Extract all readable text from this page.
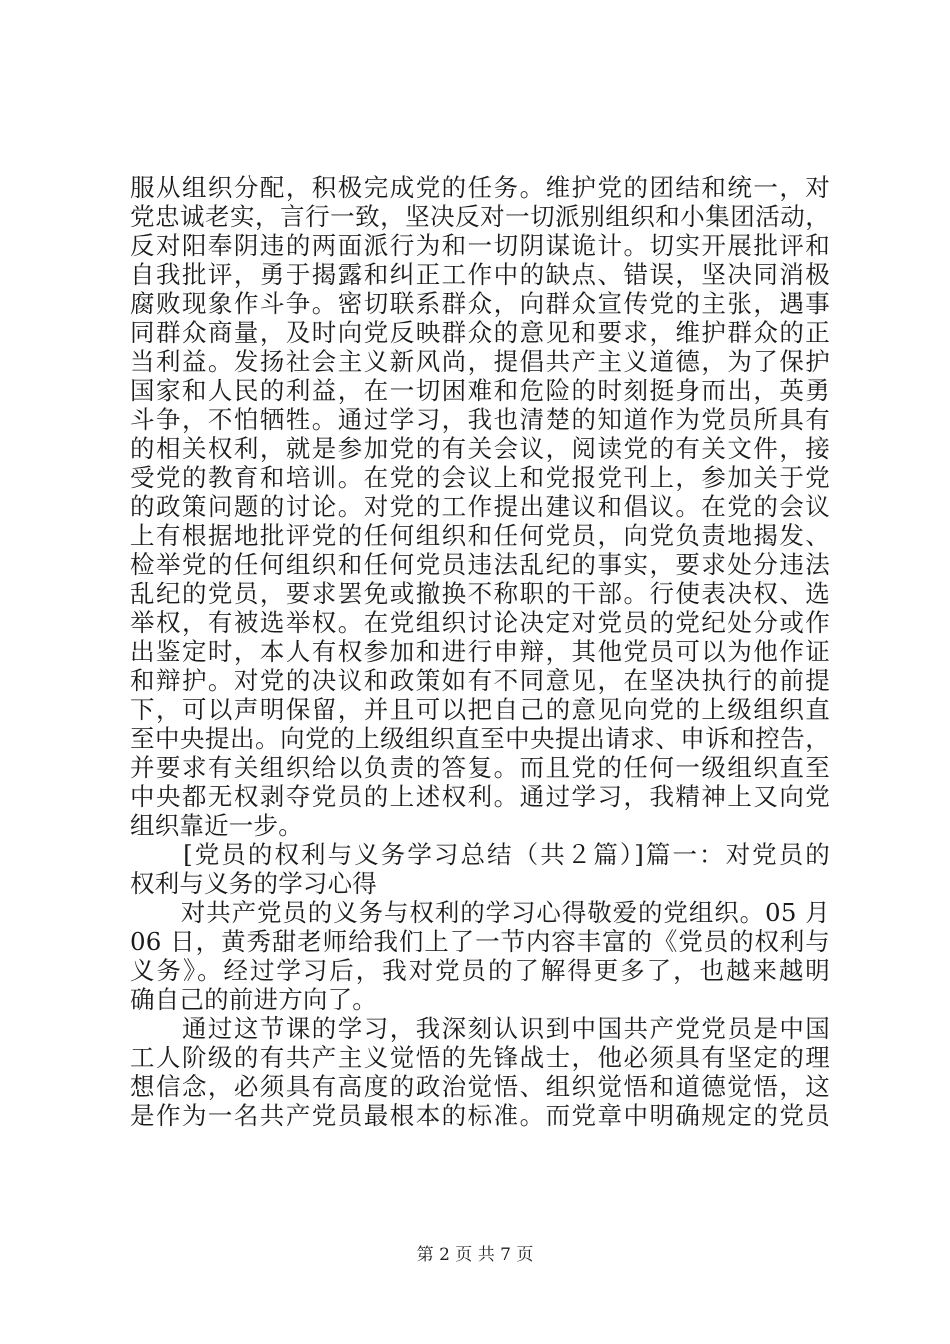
服从组织分配，积极完成党的任务。维护党的团结和统一，对
党忠诚老实，言行一致，坚决反对一切派别组织和小集团活动，
反对阳奉阴违的两面派行为和一切阴谋诡计。切实开展批评和
自我批评，勇于揭露和纠正工作中的缺点、错误，坚决同消极
腐败现象作斗争。密切联系群众，向群众宣传党的主张，遇事
同群众商量，及时向党反映群众的意见和要求，维护群众的正
当利益。发扬社会主义新风尚，提倡共产主义道德，为了保护
国家和人民的利益，在一切困难和危险的时刻挺身而出，英勇
斗争，不怕牺牲。通过学习，我也清楚的知道作为党员所具有
的相关权利，就是参加党的有关会议，阅读党的有关文件，接
受党的教育和培训。在党的会议上和党报党刊上，参加关于党
的政策问题的讨论。对党的工作提出建议和倡议。在党的会议
上有根据地批评党的任何组织和任何党员，向党负责地揭发、
检举党的任何组织和任何党员违法乱纪的事实，要求处分违法
乱纪的党员，要求罢免或撤换不称职的干部。行使表决权、选
举权，有被选举权。在党组织讨论决定对党员的党纪处分或作
出鉴定时，本人有权参加和进行申辩，其他党员可以为他作证
和辩护。对党的决议和政策如有不同意见，在坚决执行的前提
下，可以声明保留，并且可以把自己的意见向党的上级组织直
至中央提出。向党的上级组织直至中央提出请求、申诉和控告，
并要求有关组织给以负责的答复。而且党的任何一级组织直至
中央都无权剥夺党员的上述权利。通过学习，我精神上又向党
组织靠近一步。
　　[党员的权利与义务学习总结（共２篇）]篇一：对党员的
权利与义务的学习心得
　　对共产党员的义务与权利的学习心得敬爱的党组织。05 月
06 日，黄秀甜老师给我们上了一节内容丰富的《党员的权利与
义务》。经过学习后，我对党员的了解得更多了，也越来越明
确自己的前进方向了。
　　通过这节课的学习，我深刻认识到中国共产党党员是中国
工人阶级的有共产主义觉悟的先锋战士，他必须具有坚定的理
想信念，必须具有高度的政治觉悟、组织觉悟和道德觉悟，这
是作为一名共产党员最根本的标准。而党章中明确规定的党员
第 2 页 共 7 页
